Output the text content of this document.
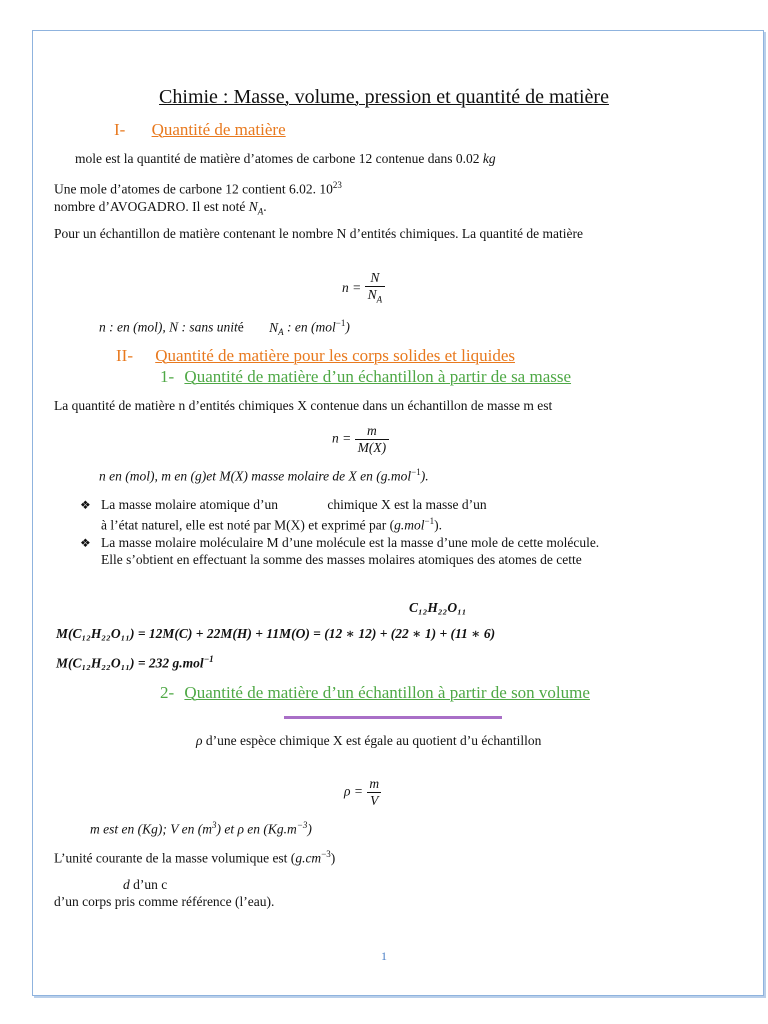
Chimie : Masse, volume, pression et quantité de matière
I- Quantité de matière
mole est la quantité de matière d’atomes de carbone 12 contenue dans 0.02 kg
Une mole d’atomes de carbone 12 contient 6.02. $10^{23}$
nombre d’AVOGADRO. Il est noté $N_A$.
Pour un échantillon de matière contenant le nombre N d’entités chimiques. La quantité de matière
$n = \frac{N}{N_A}$
n : en (mol), N : sans unité $N_A$ : en (mol$^{-1}$)
II- Quantité de matière pour les corps solides et liquides
1- Quantité de matière d’un échantillon à partir de sa masse
La quantité de matière n d’entités chimiques X contenue dans un échantillon de masse m est
$n = \frac{m}{M(X)}$
n en (mol), m en (g)et M(X) masse molaire de X en (g.mol$^{-1}$).
❖ La masse molaire atomique d’un	chimique X est la masse d’un
à l’état naturel, elle est noté par M(X) et exprimé par (g.mol$^{-1}$).
❖ La masse molaire moléculaire M d’une molécule est la masse d’une mole de cette molécule.
Elle s’obtient en effectuant la somme des masses molaires atomiques des atomes de cette
C₁₂H₂₂O₁₁
M(C₁₂H₂₂O₁₁) = 12M(C) + 22M(H) + 11M(O) = (12 ∗ 12) + (22 ∗ 1) + (11 ∗ 6)
M(C₁₂H₂₂O₁₁) = 232 g.mol$^{-1}$
2- Quantité de matière d’un échantillon à partir de son volume
ρ d’une espèce chimique X est égale au quotient d’u échantillon
$\rho = \frac{m}{V}$
m est en (Kg); V en $(m^3)$ et ρ en $(Kg.m^{-3})$
L’unité courante de la masse volumique est $(g.cm^{-3})$
d d’un c
d’un corps pris comme référence (l’eau).
1
